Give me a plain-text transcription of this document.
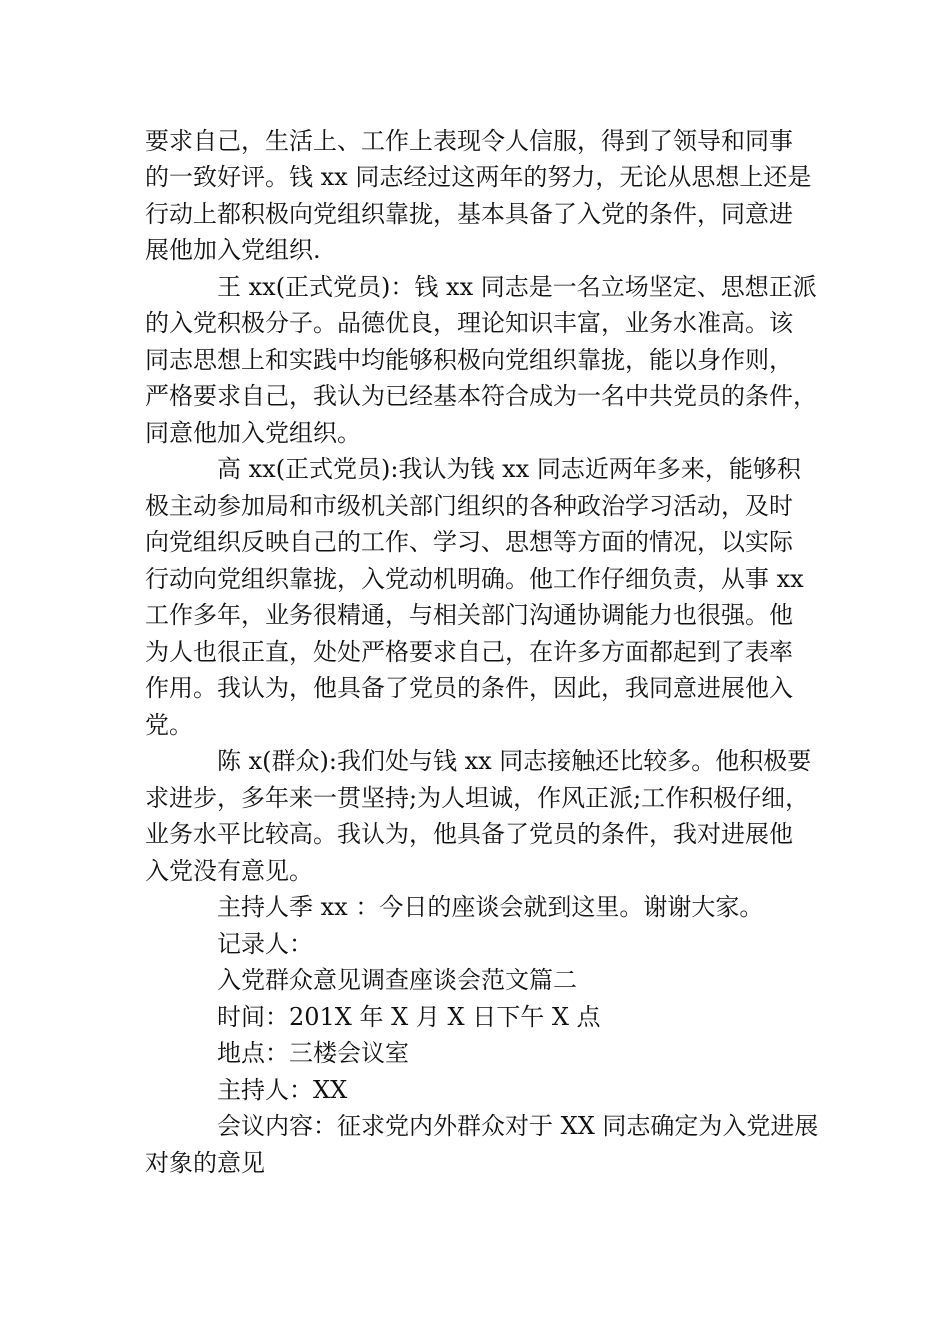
要求自己，生活上、工作上表现令人信服，得到了领导和同事
的一致好评。钱 xx 同志经过这两年的努力，无论从思想上还是
行动上都积极向党组织靠拢，基本具备了入党的条件，同意进
展他加入党组织.
王 xx(正式党员)：钱 xx 同志是一名立场坚定、思想正派
的入党积极分子。品德优良，理论知识丰富，业务水准高。该
同志思想上和实践中均能够积极向党组织靠拢，能以身作则，
严格要求自己，我认为已经基本符合成为一名中共党员的条件，
同意他加入党组织。
高 xx(正式党员):我认为钱 xx 同志近两年多来，能够积
极主动参加局和市级机关部门组织的各种政治学习活动，及时
向党组织反映自己的工作、学习、思想等方面的情况，以实际
行动向党组织靠拢，入党动机明确。他工作仔细负责，从事 xx
工作多年，业务很精通，与相关部门沟通协调能力也很强。他
为人也很正直，处处严格要求自己，在许多方面都起到了表率
作用。我认为，他具备了党员的条件，因此，我同意进展他入
党。
陈 x(群众):我们处与钱 xx 同志接触还比较多。他积极要
求进步，多年来一贯坚持;为人坦诚，作风正派;工作积极仔细，
业务水平比较高。我认为，他具备了党员的条件，我对进展他
入党没有意见。
主持人季 xx ：今日的座谈会就到这里。谢谢大家。
记录人：
入党群众意见调查座谈会范文篇二
时间：201X 年 X 月 X 日下午 X 点
地点：三楼会议室
主持人：XX
会议内容：征求党内外群众对于 XX 同志确定为入党进展
对象的意见
